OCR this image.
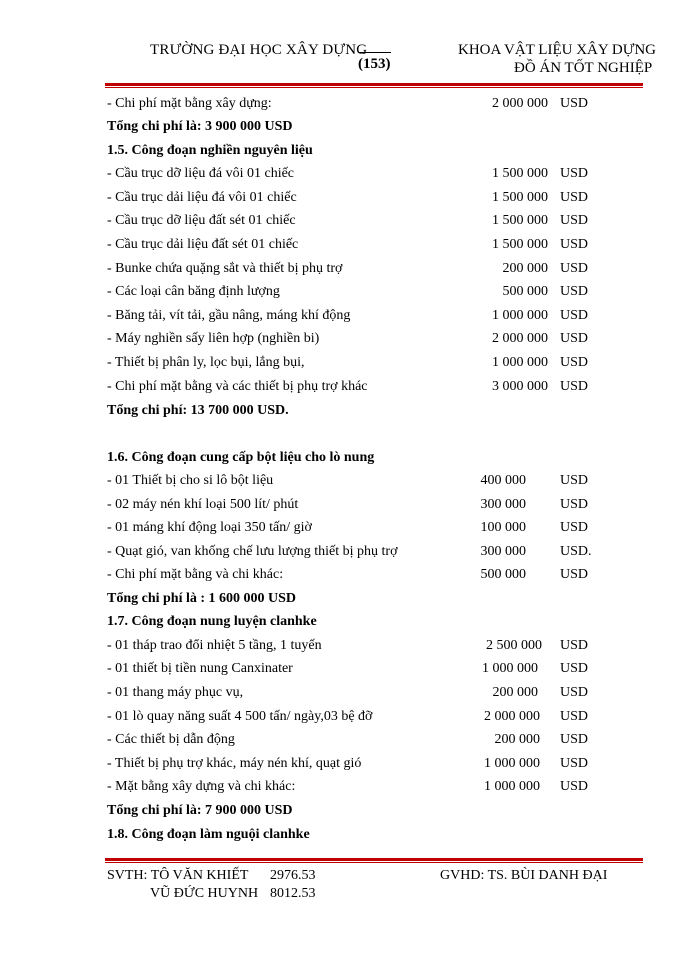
TRƯỜNG ĐẠI HỌC XÂY DỰNG
(153)
KHOA VẬT LIỆU XÂY DỰNG
ĐỒ ÁN TỐT NGHIỆP
- Chi phí mặt bằng xây dựng:	2 000 000 USD
Tổng chi phí là: 3 900 000 USD
1.5. Công đoạn nghiền nguyên liệu
- Cầu trục dỡ liệu đá vôi 01 chiếc	1 500 000 USD
- Cầu trục dải liệu đá vôi 01 chiếc	1 500 000 USD
- Cầu trục dỡ liệu đất sét 01 chiếc	1 500 000 USD
- Cầu trục dải liệu đất sét 01 chiếc	1 500 000 USD
- Bunke chứa quặng sắt và thiết bị phụ trợ	200 000 USD
- Các loại cân băng định lượng	500 000 USD
- Băng tải, vít tải, gầu nâng, máng khí động	1 000 000 USD
- Máy nghiền sấy liên hợp (nghiền bi)	2 000 000 USD
- Thiết bị phân ly, lọc bụi, lắng bụi,	1 000 000 USD
- Chi phí mặt bằng và các thiết bị phụ trợ khác	3 000 000 USD
Tổng chi phí: 13 700 000 USD.
1.6. Công đoạn cung cấp bột liệu cho lò nung
- 01 Thiết bị cho si lô bột liệu	400 000 USD
- 02 máy nén khí loại 500 lít/ phút	300 000 USD
- 01 máng khí động loại 350 tấn/ giờ	100 000 USD
- Quạt gió, van khống chế lưu lượng thiết bị phụ trợ	300 000 USD.
- Chi phí mặt bằng và chi khác:	500 000 USD
Tổng chi phí là : 1 600 000 USD
1.7. Công đoạn nung luyện clanhke
- 01 tháp trao đổi nhiệt 5 tầng, 1 tuyến	2 500 000 USD
- 01 thiết bị tiền nung Canxinater	1 000 000 USD
- 01 thang máy phục vụ,	200 000 USD
- 01 lò quay năng suất 4 500 tấn/ ngày,03 bệ đỡ	2 000 000 USD
- Các thiết bị dẫn động	200 000 USD
- Thiết bị phụ trợ khác, máy nén khí, quạt gió	1 000 000 USD
- Mặt bằng xây dựng và chi khác:	1 000 000 USD
Tổng chi phí là: 7 900 000 USD
1.8. Công đoạn làm nguội clanhke
SVTH: TÔ VĂN KHIẾT 2976.53
VŨ ĐỨC HUYNH 8012.53
GVHD: TS. BÙI DANH ĐẠI
